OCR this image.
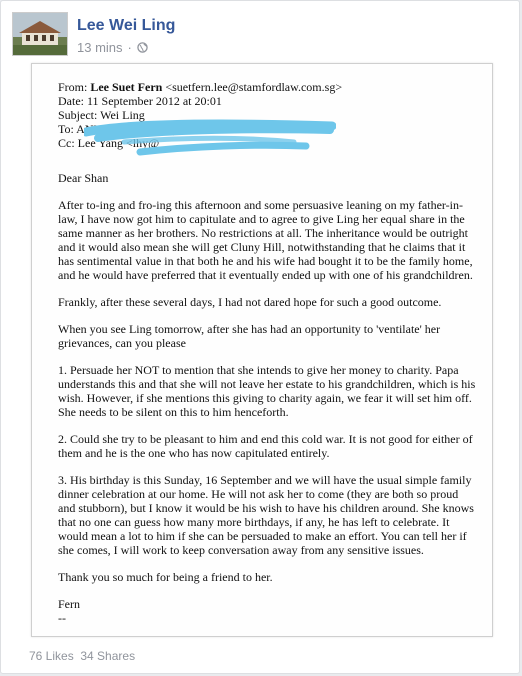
Lee Wei Ling
13 mins ·
From: Lee Suet Fern <suetfern.lee@stamfordlaw.com.sg>
Date: 11 September 2012 at 20:01
Subject: Wei Ling
To: ANMUGAM (MFA)
Cc: Lee Yang <lhy@

Dear Shan

After to-ing and fro-ing this afternoon and some persuasive leaning on my father-in-law, I have now got him to capitulate and to agree to give Ling her equal share in the same manner as her brothers. No restrictions at all. The inheritance would be outright and it would also mean she will get Cluny Hill, notwithstanding that he claims that it has sentimental value in that both he and his wife had bought it to be the family home, and he would have preferred that it eventually ended up with one of his grandchildren.

Frankly, after these several days, I had not dared hope for such a good outcome.

When you see Ling tomorrow, after she has had an opportunity to 'ventilate' her grievances, can you please

1. Persuade her NOT to mention that she intends to give her money to charity. Papa understands this and that she will not leave her estate to his grandchildren, which is his wish. However, if she mentions this giving to charity again, we fear it will set him off. She needs to be silent on this to him henceforth.

2. Could she try to be pleasant to him and end this cold war. It is not good for either of them and he is the one who has now capitulated entirely.

3. His birthday is this Sunday, 16 September and we will have the usual simple family dinner celebration at our home. He will not ask her to come (they are both so proud and stubborn), but I know it would be his wish to have his children around. She knows that no one can guess how many more birthdays, if any, he has left to celebrate. It would mean a lot to him if she can be persuaded to make an effort. You can tell her if she comes, I will work to keep conversation away from any sensitive issues.

Thank you so much for being a friend to her.

Fern
--

76 Likes 34 Shares
